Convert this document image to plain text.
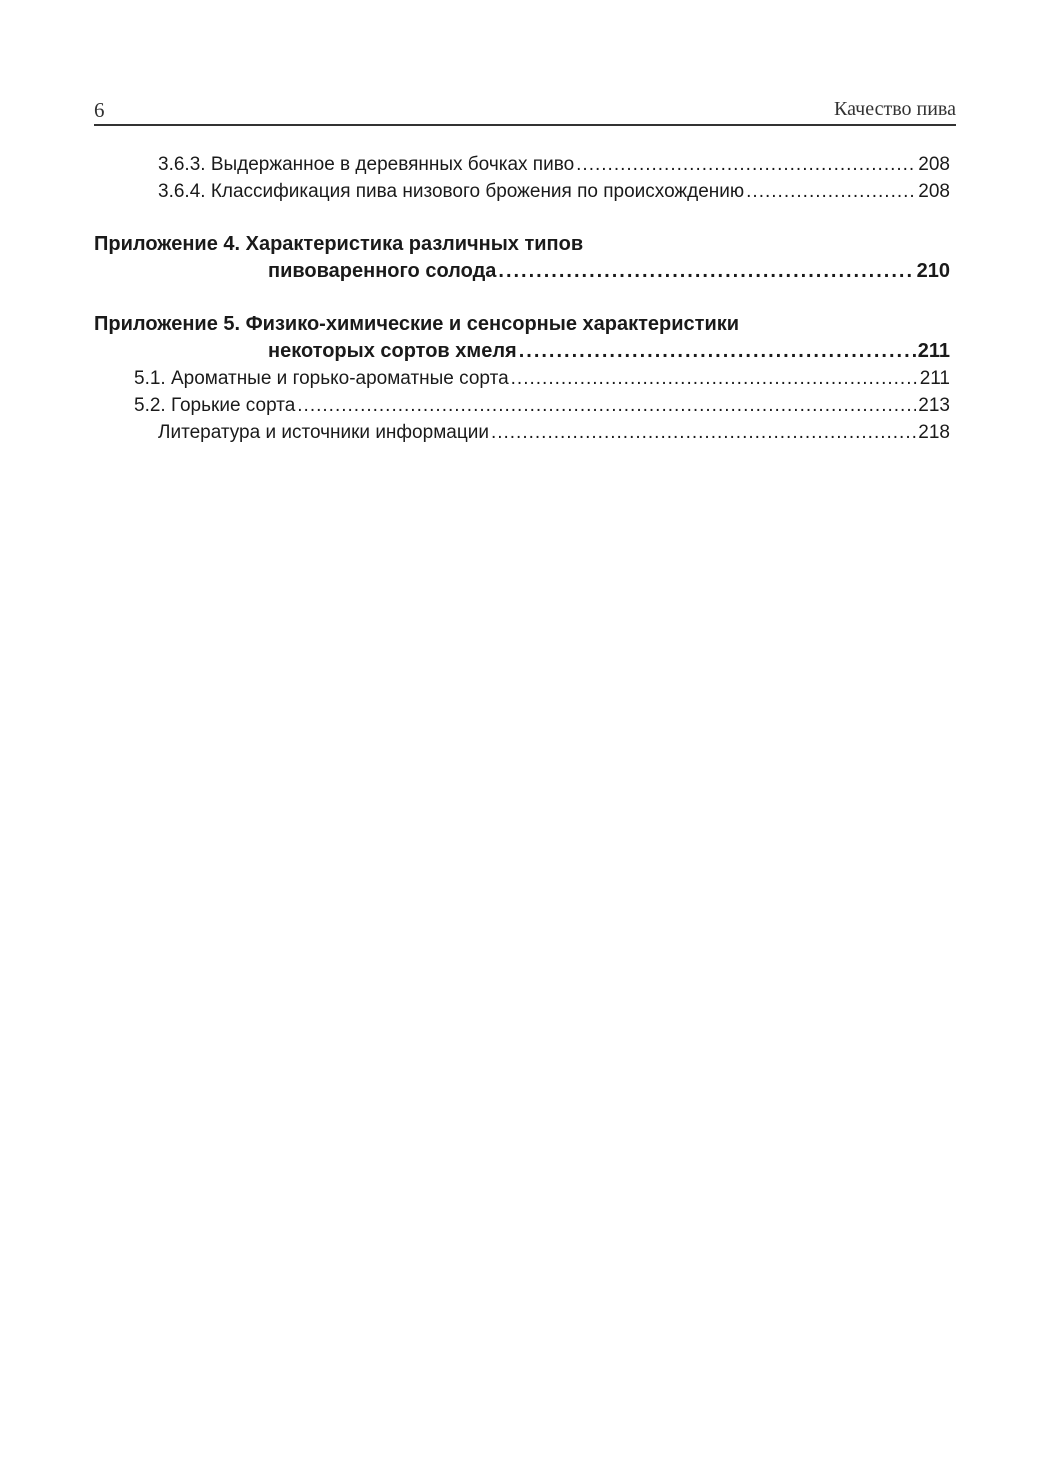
6	Качество пива
3.6.3. Выдержанное в деревянных бочках пиво .....	208
3.6.4. Классификация пива низового брожения по происхождению .....	208
Приложение 4. Характеристика различных типов
пивоваренного солода .....	210
Приложение 5. Физико-химические и сенсорные характеристики
некоторых сортов хмеля .....	211
5.1. Ароматные и горько-ароматные сорта .....	211
5.2. Горькие сорта .....	213
Литература и источники информации .....	218
